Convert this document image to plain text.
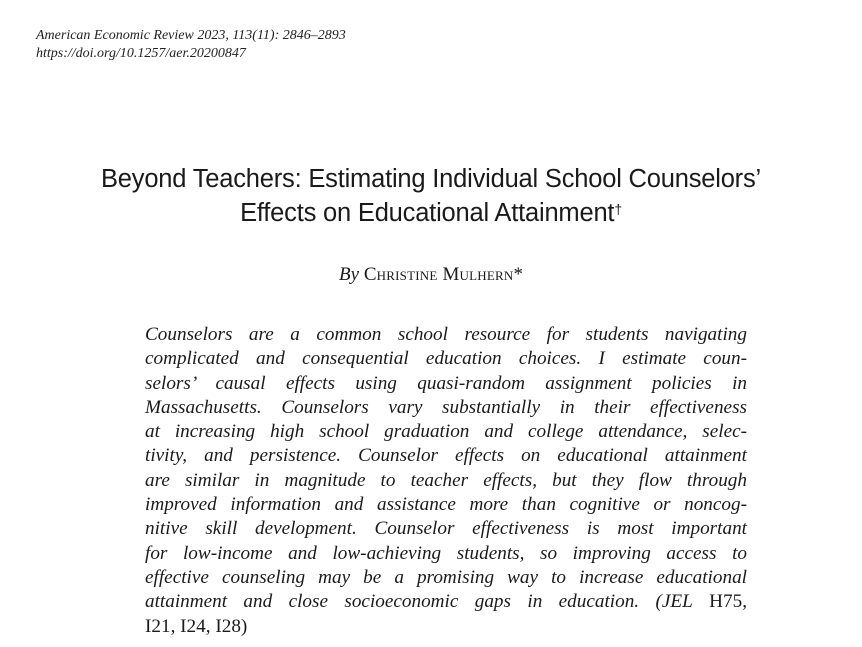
American Economic Review 2023, 113(11): 2846–2893
https://doi.org/10.1257/aer.20200847
Beyond Teachers: Estimating Individual School Counselors’
Effects on Educational Attainment†
By Christine Mulhern*
Counselors are a common school resource for students navigating
complicated and consequential education choices. I estimate coun-
selors’ causal effects using quasi-random assignment policies in
Massachusetts. Counselors vary substantially in their effectiveness
at increasing high school graduation and college attendance, selec-
tivity, and persistence. Counselor effects on educational attainment
are similar in magnitude to teacher effects, but they flow through
improved information and assistance more than cognitive or noncog-
nitive skill development. Counselor effectiveness is most important
for low-income and low-achieving students, so improving access to
effective counseling may be a promising way to increase educational
attainment and close socioeconomic gaps in education. (JEL H75,
I21, I24, I28)
